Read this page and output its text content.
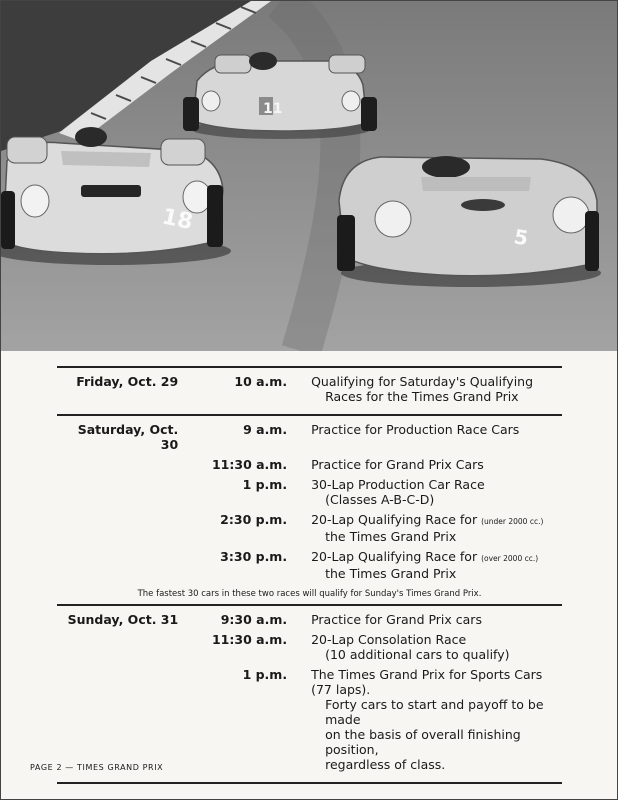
18
5
11
Friday, Oct. 29	10 a.m. Qualifying for Saturday's Qualifying
Races for the Times Grand Prix
Saturday, Oct. 30
9 a.m. Practice for Production Race Cars
11:30 a.m. Practice for Grand Prix Cars
1 p.m. 30-Lap Production Car Race
(Classes A-B-C-D)
2:30 p.m. 20-Lap Qualifying Race for (under 2000 cc.)
the Times Grand Prix
3:30 p.m. 20-Lap Qualifying Race for (over 2000 cc.)
the Times Grand Prix
The fastest 30 cars in these two races will qualify for Sunday's Times Grand Prix.
Sunday, Oct. 31	9:30 a.m. Practice for Grand Prix cars
11:30 a.m. 20-Lap Consolation Race
(10 additional cars to qualify)
1 p.m. The Times Grand Prix for Sports Cars (77 laps).
Forty cars to start and payoff to be made
on the basis of overall finishing position,
regardless of class.
PAGE 2 — TIMES GRAND PRIX
